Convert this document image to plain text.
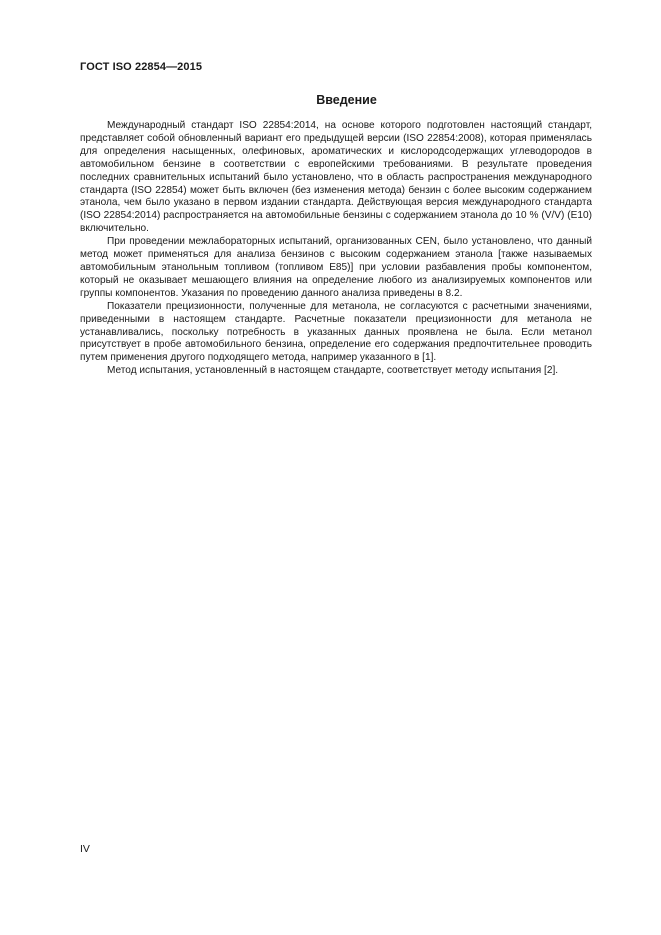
ГОСТ ISO 22854—2015
Введение

Международный стандарт ISO 22854:2014, на основе которого подготовлен настоящий стандарт, представляет собой обновленный вариант его предыдущей версии (ISO 22854:2008), которая применялась для определения насыщенных, олефиновых, ароматических и кислородсодержащих углеводородов в автомобильном бензине в соответствии с европейскими требованиями. В результате проведения последних сравнительных испытаний было установлено, что в область распространения международного стандарта (ISO 22854) может быть включен (без изменения метода) бензин с более высоким содержанием этанола, чем было указано в первом издании стандарта. Действующая версия международного стандарта (ISO 22854:2014) распространяется на автомобильные бензины с содержанием этанола до 10 % (V/V) (E10) включительно.

При проведении межлабораторных испытаний, организованных CEN, было установлено, что данный метод может применяться для анализа бензинов с высоким содержанием этанола [также называемых автомобильным этанольным топливом (топливом E85)] при условии разбавления пробы компонентом, который не оказывает мешающего влияния на определение любого из анализируемых компонентов или группы компонентов. Указания по проведению данного анализа приведены в 8.2.

Показатели прецизионности, полученные для метанола, не согласуются с расчетными значениями, приведенными в настоящем стандарте. Расчетные показатели прецизионности для метанола не устанавливались, поскольку потребность в указанных данных проявлена не была. Если метанол присутствует в пробе автомобильного бензина, определение его содержания предпочтительнее проводить путем применения другого подходящего метода, например указанного в [1].

Метод испытания, установленный в настоящем стандарте, соответствует методу испытания [2].

IV
